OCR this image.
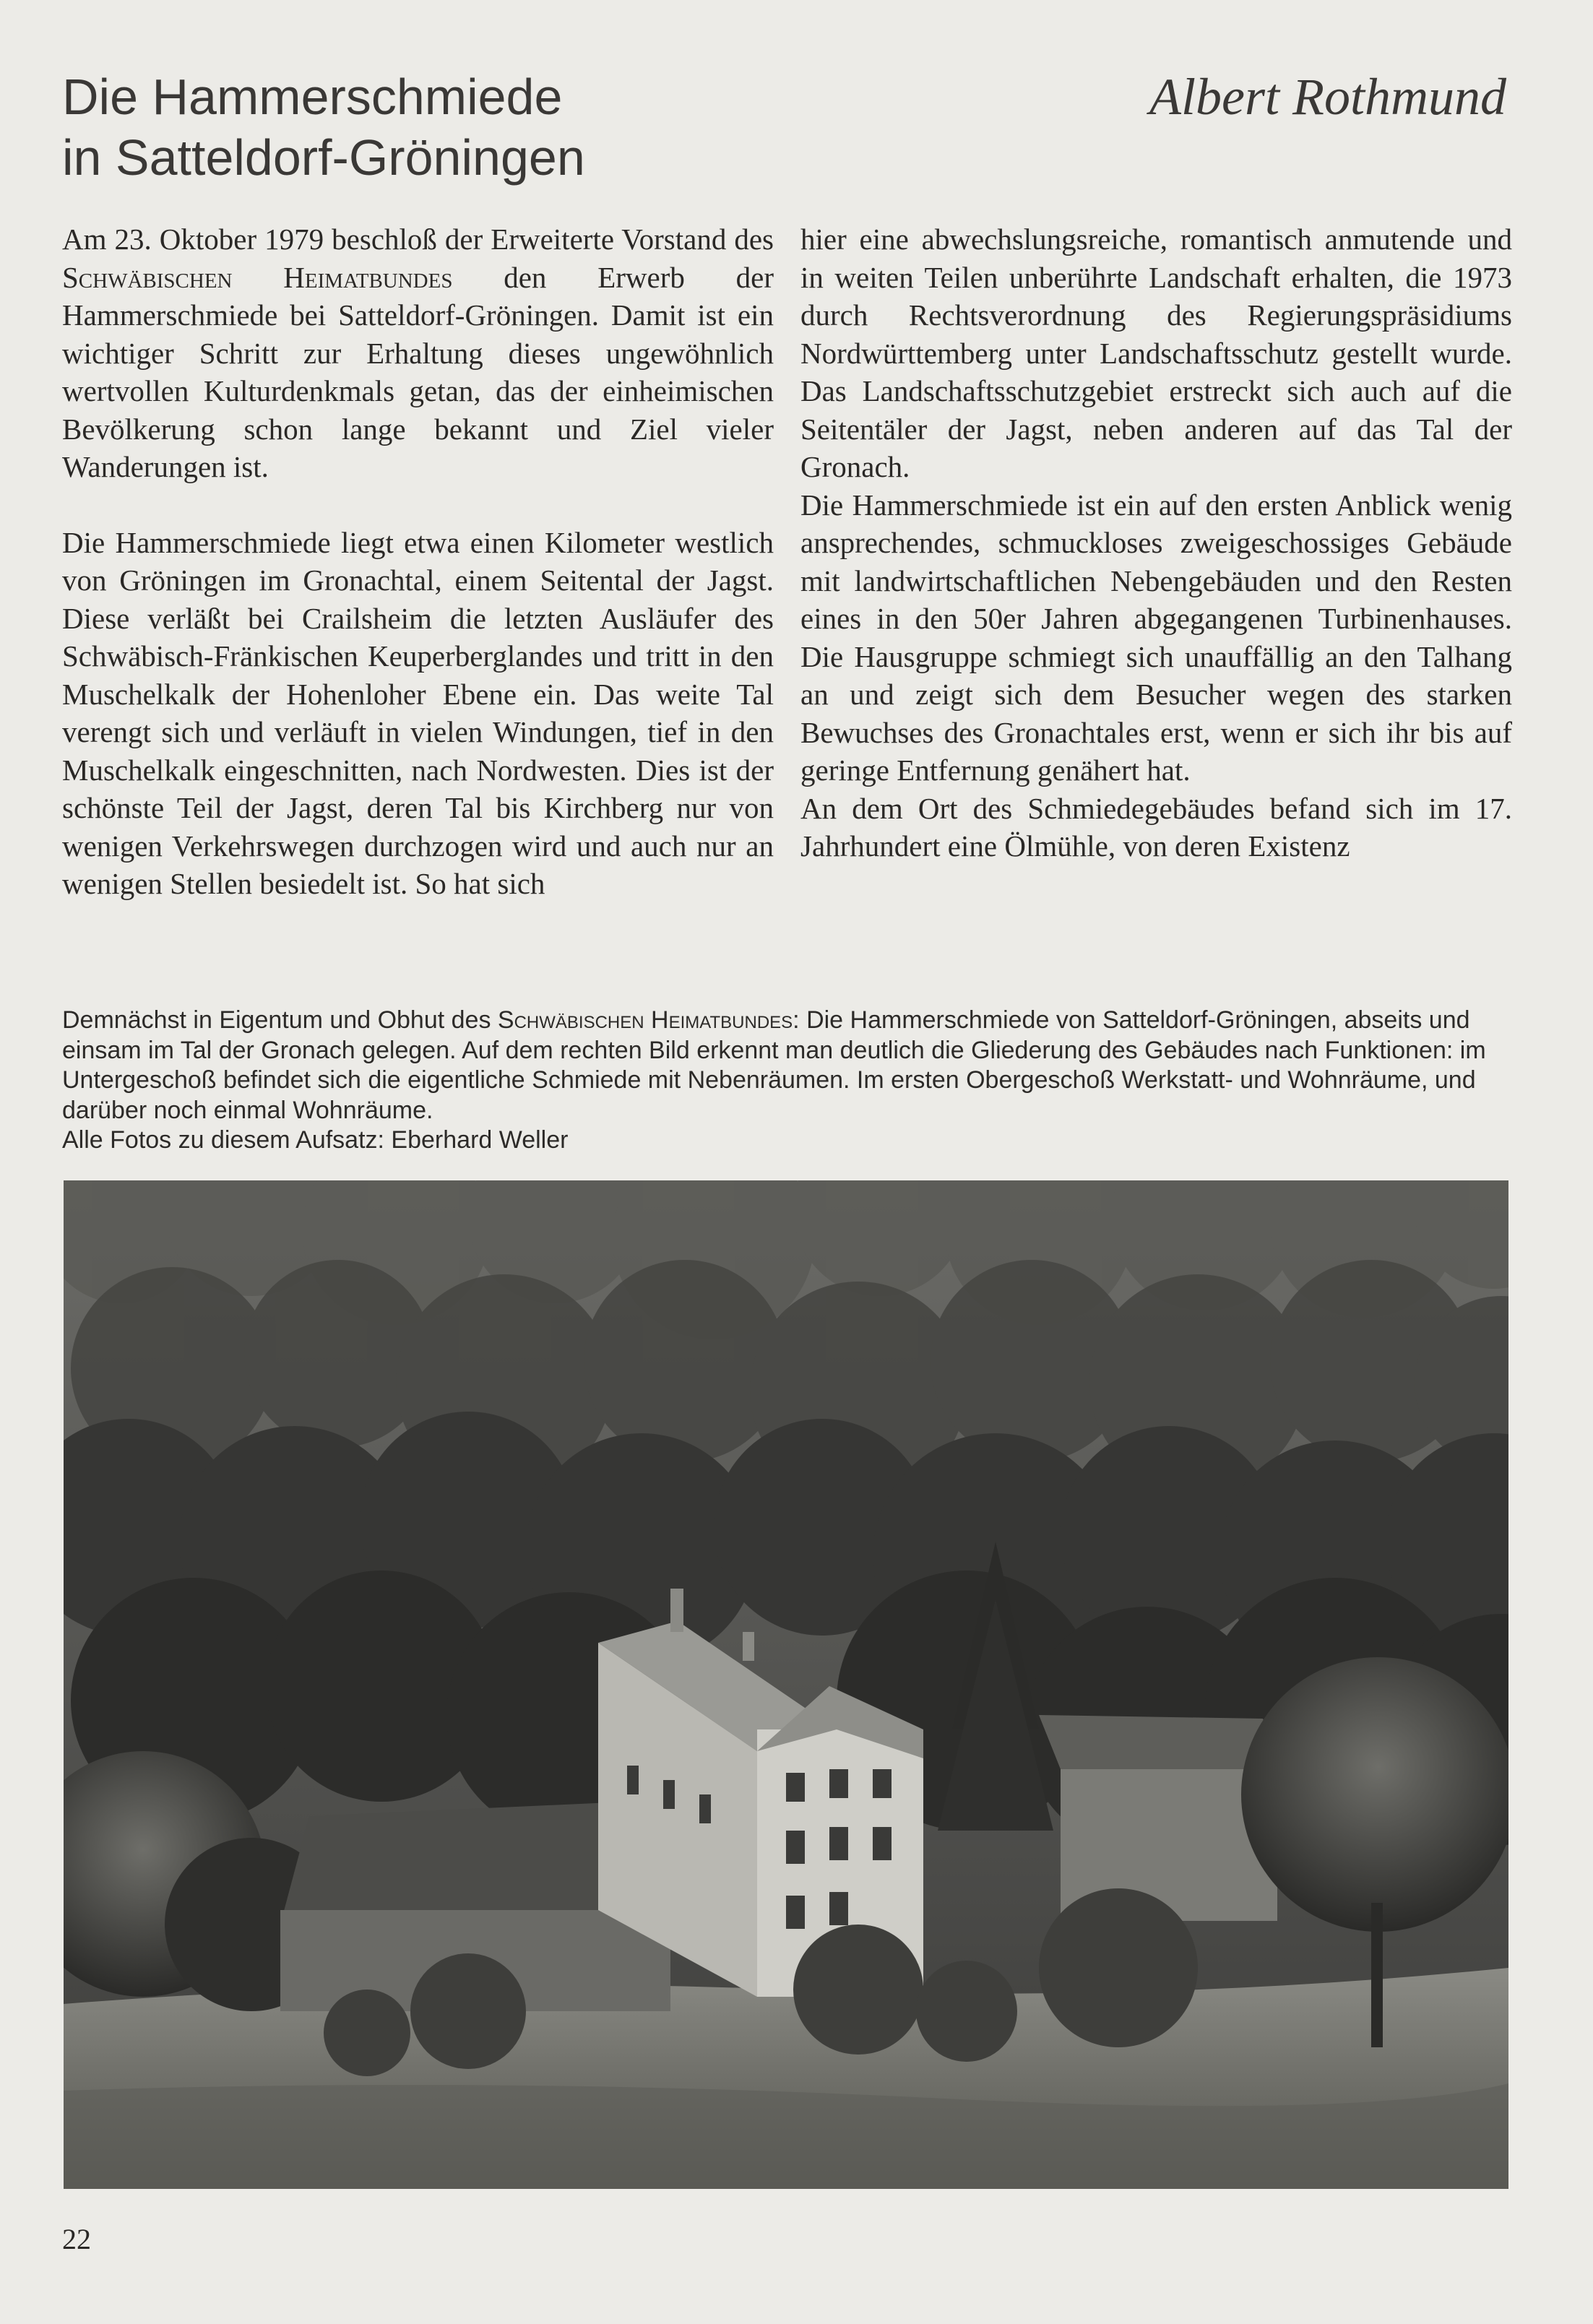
Die Hammerschmiede
in Satteldorf-Gröningen
Albert Rothmund

Am 23. Oktober 1979 beschloß der Erweiterte Vorstand des Schwäbischen Heimatbundes den Erwerb der Hammerschmiede bei Satteldorf-Gröningen. Damit ist ein wichtiger Schritt zur Erhaltung dieses ungewöhnlich wertvollen Kulturdenkmals getan, das der einheimischen Bevölkerung schon lange bekannt und Ziel vieler Wanderungen ist.

Die Hammerschmiede liegt etwa einen Kilometer westlich von Gröningen im Gronachtal, einem Seitental der Jagst. Diese verläßt bei Crailsheim die letzten Ausläufer des Schwäbisch-Fränkischen Keuperberglandes und tritt in den Muschelkalk der Hohenloher Ebene ein. Das weite Tal verengt sich und verläuft in vielen Windungen, tief in den Muschelkalk eingeschnitten, nach Nordwesten. Dies ist der schönste Teil der Jagst, deren Tal bis Kirchberg nur von wenigen Verkehrswegen durchzogen wird und auch nur an wenigen Stellen besiedelt ist. So hat sich

hier eine abwechslungsreiche, romantisch anmutende und in weiten Teilen unberührte Landschaft erhalten, die 1973 durch Rechtsverordnung des Regierungspräsidiums Nordwürttemberg unter Landschaftsschutz gestellt wurde. Das Landschaftsschutzgebiet erstreckt sich auch auf die Seitentäler der Jagst, neben anderen auf das Tal der Gronach.

Die Hammerschmiede ist ein auf den ersten Anblick wenig ansprechendes, schmuckloses zweigeschossiges Gebäude mit landwirtschaftlichen Nebengebäuden und den Resten eines in den 50er Jahren abgegangenen Turbinenhauses. Die Hausgruppe schmiegt sich unauffällig an den Talhang an und zeigt sich dem Besucher wegen des starken Bewuchses des Gronachtales erst, wenn er sich ihr bis auf geringe Entfernung genähert hat.

An dem Ort des Schmiedegebäudes befand sich im 17. Jahrhundert eine Ölmühle, von deren Existenz

Demnächst in Eigentum und Obhut des Schwäbischen Heimatbundes: Die Hammerschmiede von Satteldorf-Gröningen, abseits und einsam im Tal der Gronach gelegen. Auf dem rechten Bild erkennt man deutlich die Gliederung des Gebäudes nach Funktionen: im Untergeschoß befindet sich die eigentliche Schmiede mit Nebenräumen. Im ersten Obergeschoß Werkstatt- und Wohnräume, und darüber noch einmal Wohnräume.

Alle Fotos zu diesem Aufsatz: Eberhard Weller

22
